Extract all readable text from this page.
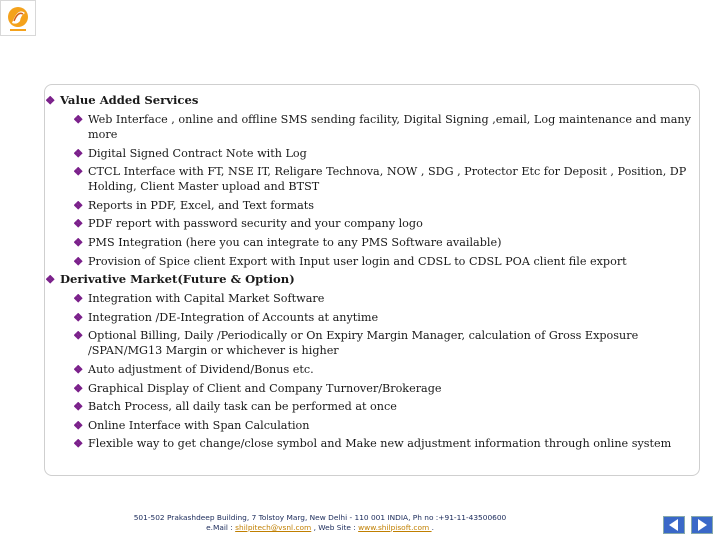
Value Added Services
Web Interface , online and offline SMS sending facility, Digital Signing ,email, Log maintenance and many more
Digital Signed Contract Note with Log
CTCL Interface with FT, NSE IT, Religare Technova, NOW , SDG , Protector Etc for Deposit , Position, DP Holding, Client Master upload and BTST
Reports in PDF, Excel, and Text formats
PDF report with password security and your company logo
PMS Integration (here you can integrate to any PMS Software available)
Provision of Spice client Export with Input user login and CDSL to CDSL POA client file export
Derivative Market(Future & Option)
Integration with Capital Market Software
Integration /DE-Integration of Accounts at anytime
Optional Billing, Daily /Periodically or On Expiry Margin Manager, calculation of Gross Exposure /SPAN/MG13 Margin or whichever is higher
Auto adjustment of Dividend/Bonus etc.
Graphical Display of Client and Company Turnover/Brokerage
Batch Process, all daily task can be performed at once
Online Interface with Span Calculation
Flexible way to get change/close symbol and Make new adjustment information through online system
501-502 Prakashdeep Building, 7 Tolstoy Marg, New Delhi - 110 001 INDIA, Ph no :+91-11-43500600
e.Mail : shilpitech@vsnl.com , Web Site : www.shilpisoft.com .
